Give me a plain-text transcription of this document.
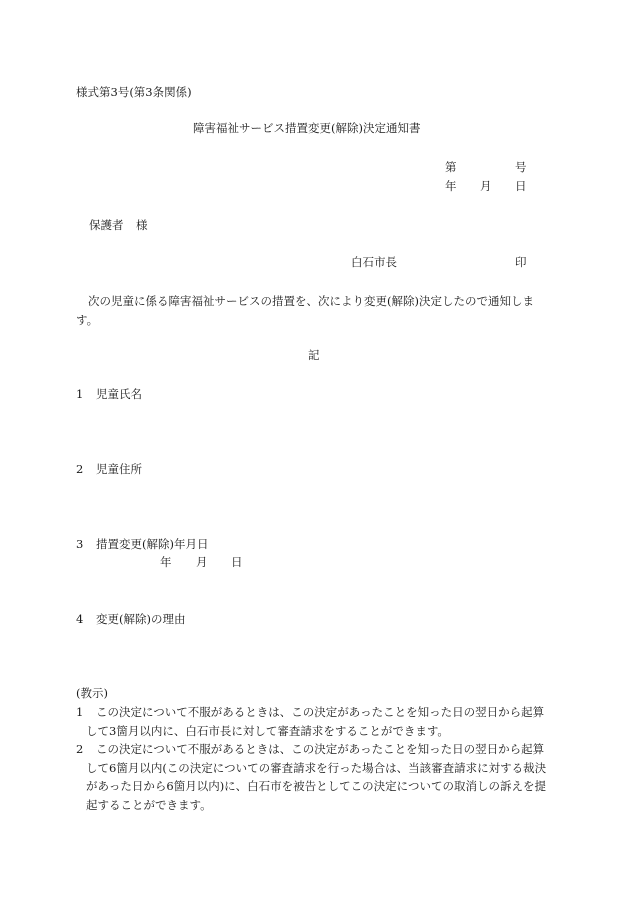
様式第3号(第3条関係)
障害福祉サービス措置変更(解除)決定通知書
第	号
年 月 日
保護者 様
白石市長	印
次の児童に係る障害福祉サービスの措置を、次により変更(解除)決定したので通知します。
記
1 児童氏名
2 児童住所
3 措置変更(解除)年月日
年 月 日
4 変更(解除)の理由
(教示)
1	この決定について不服があるときは、この決定があったことを知った日の翌日から起算して3箇月以内に、白石市長に対して審査請求をすることができます。
2	この決定について不服があるときは、この決定があったことを知った日の翌日から起算して6箇月以内(この決定についての審査請求を行った場合は、当該審査請求に対する裁決があった日から6箇月以内)に、白石市を被告としてこの決定についての取消しの訴えを提起することができます。
